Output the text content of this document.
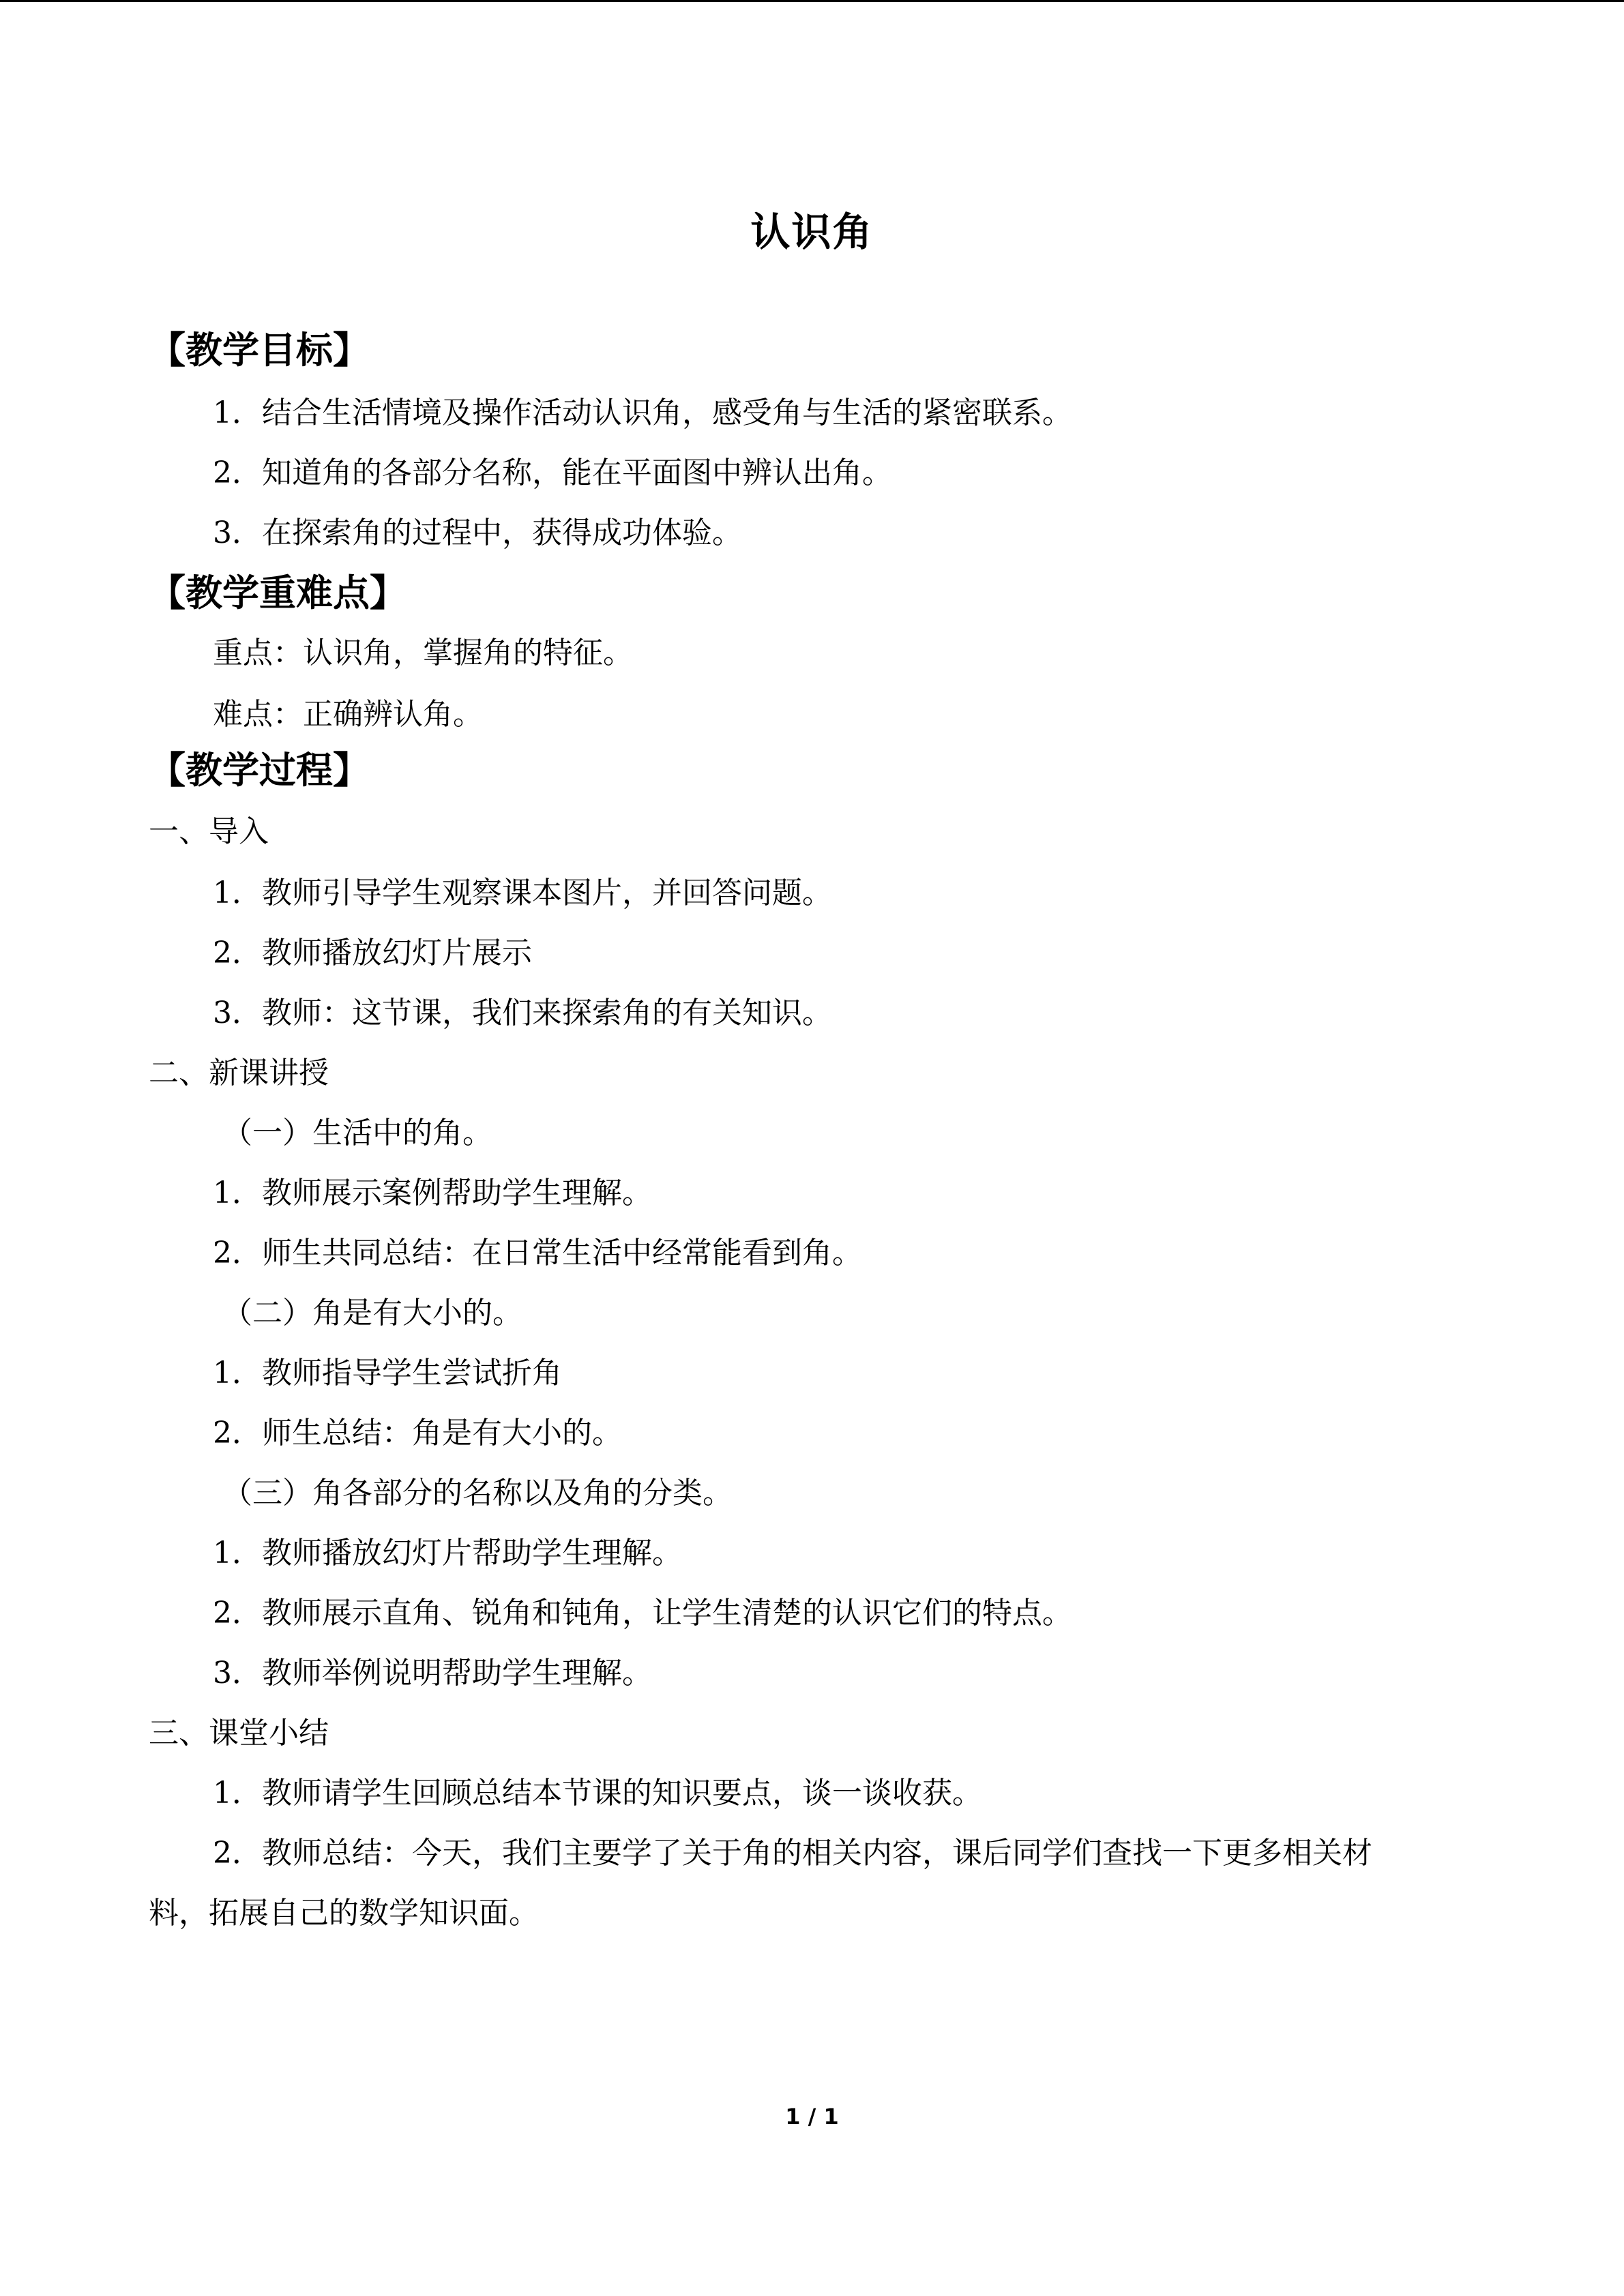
认识角
【教学目标】
1．结合生活情境及操作活动认识角，感受角与生活的紧密联系。
2．知道角的各部分名称，能在平面图中辨认出角。
3．在探索角的过程中，获得成功体验。
【教学重难点】
重点：认识角，掌握角的特征。
难点：正确辨认角。
【教学过程】
一、导入
1．教师引导学生观察课本图片，并回答问题。
2．教师播放幻灯片展示
3．教师：这节课，我们来探索角的有关知识。
二、新课讲授
（一）生活中的角。
1．教师展示案例帮助学生理解。
2．师生共同总结：在日常生活中经常能看到角。
（二）角是有大小的。
1．教师指导学生尝试折角
2．师生总结：角是有大小的。
（三）角各部分的名称以及角的分类。
1．教师播放幻灯片帮助学生理解。
2．教师展示直角、锐角和钝角，让学生清楚的认识它们的特点。
3．教师举例说明帮助学生理解。
三、课堂小结
1．教师请学生回顾总结本节课的知识要点，谈一谈收获。
2．教师总结：今天，我们主要学了关于角的相关内容，课后同学们查找一下更多相关材
料，拓展自己的数学知识面。
1 / 1
